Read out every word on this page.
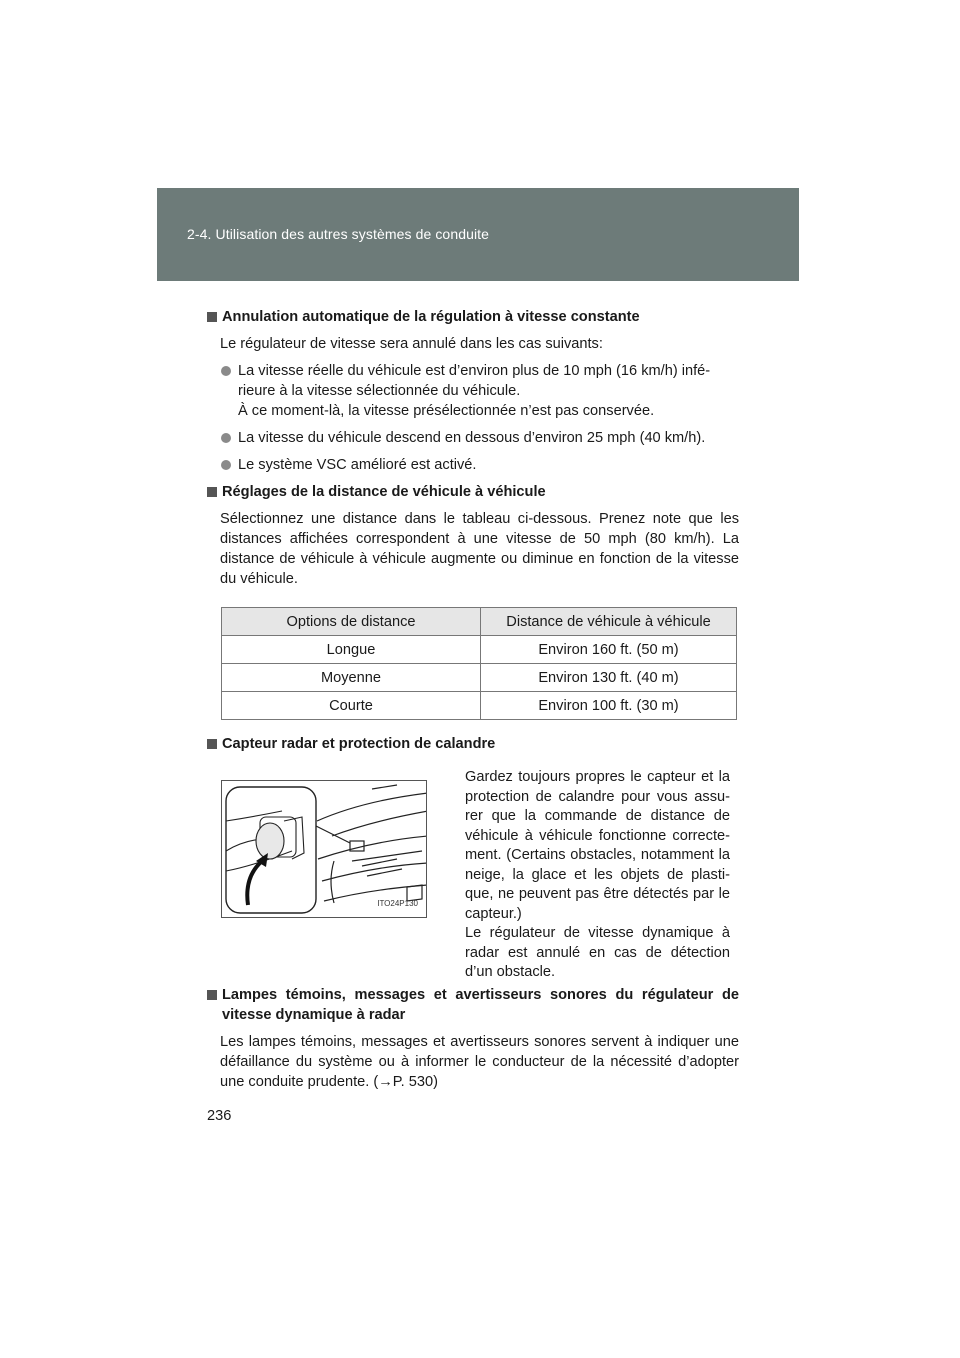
2-4. Utilisation des autres systèmes de conduite
Annulation automatique de la régulation à vitesse constante
Le régulateur de vitesse sera annulé dans les cas suivants:
La vitesse réelle du véhicule est d’environ plus de 10 mph (16 km/h) infé-rieure à la vitesse sélectionnée du véhicule.
À ce moment-là, la vitesse présélectionnée n’est pas conservée.
La vitesse du véhicule descend en dessous d’environ 25 mph (40 km/h).
Le système VSC amélioré est activé.
Réglages de la distance de véhicule à véhicule
Sélectionnez une distance dans le tableau ci-dessous. Prenez note que les distances affichées correspondent à une vitesse de 50 mph (80 km/h). La distance de véhicule à véhicule augmente ou diminue en fonction de la vitesse du véhicule.
Options de distance	Distance de véhicule à véhicule
Longue	Environ 160 ft. (50 m)
Moyenne	Environ 130 ft. (40 m)
Courte	Environ 100 ft. (30 m)
Capteur radar et protection de calandre
ITO24P130
Gardez toujours propres le capteur et la protection de calandre pour vous assu-rer que la commande de distance de véhicule à véhicule fonctionne correcte-ment. (Certains obstacles, notamment la neige, la glace et les objets de plasti-que, ne peuvent pas être détectés par le capteur.)
Le régulateur de vitesse dynamique à radar est annulé en cas de détection d’un obstacle.
Lampes témoins, messages et avertisseurs sonores du régulateur de vitesse dynamique à radar
Les lampes témoins, messages et avertisseurs sonores servent à indiquer une défaillance du système ou à informer le conducteur de la nécessité d’adopter une conduite prudente. (→P. 530)
236
